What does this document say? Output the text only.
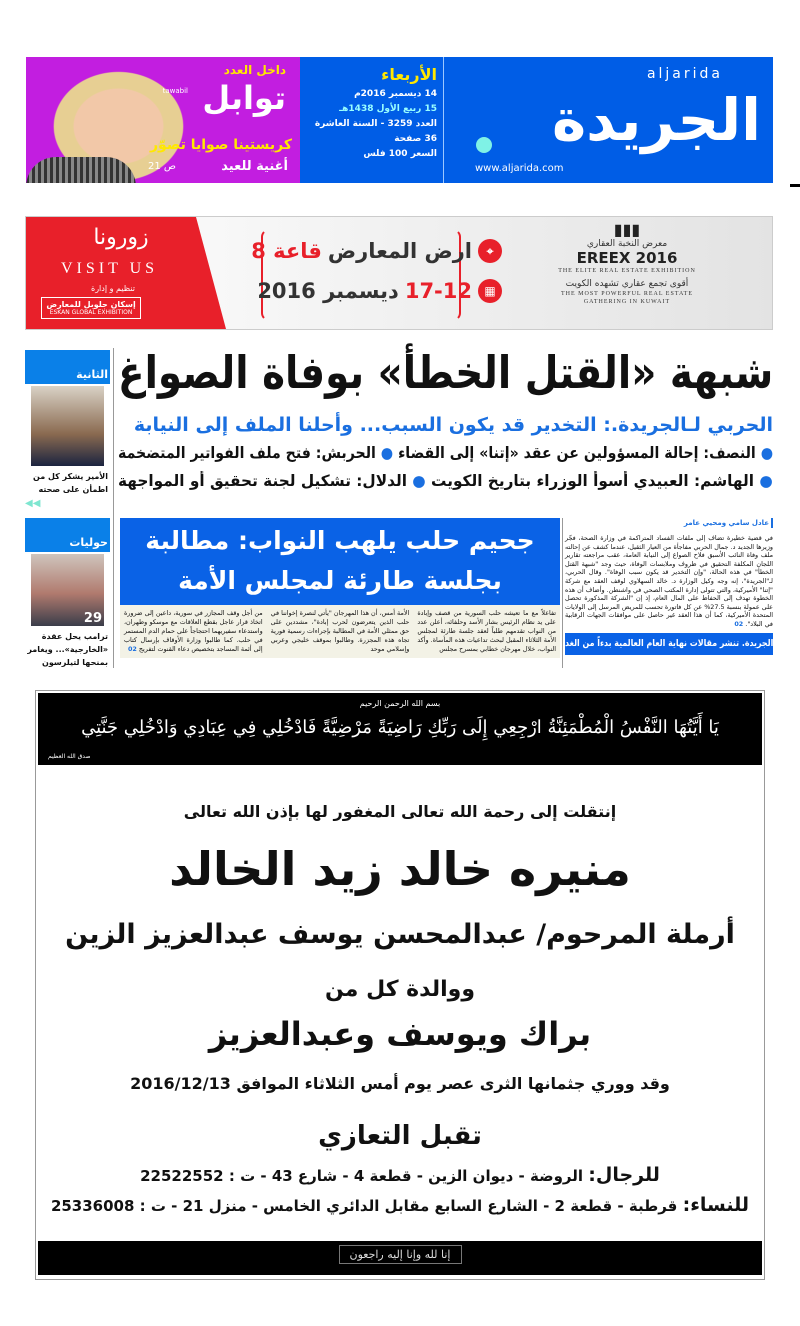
داخل العدد
tawabil توابل
كريستينا صوايا تصوّر
أغنية للعيد
ص 21
الأربعاء
14 ديسمبر 2016م
15 ربيع الأول 1438هـ
العدد 3259 - السنة العاشرة
36 صفحة
السعر 100 فلس
aljarida
الجريدة
www.aljarida.com
زورونا
VISIT US
تنظيم و إدارة
إسكان جلوبل للمعارض
ESKAN GLOBAL EXHIBITION
⌖
ارض المعارض
قاعة 8
▦
17-12
ديسمبر 2016
▮▮▮
معرض النخبة العقاري
EREEX 2016
THE ELITE REAL ESTATE EXHIBITION
أقوى تجمع عقاري تشهده الكويت
THE MOST POWERFUL REAL ESTATE
GATHERING IN KUWAIT
الثانية
الأمير يشكر كل من اطمأن على صحته
◀◀
شبهة «القتل الخطأ» بوفاة الصواغ
الحربي لـالجريدة.: التخدير قد يكون السبب... وأحلنا الملف إلى النيابة
● النصف: إحالة المسؤولين عن عقد «إتنا» إلى القضاء ● الحربش: فتح ملف الفواتير المتضخمة
● الهاشم: العبيدي أسوأ الوزراء بتاريخ الكويت ● الدلال: تشكيل لجنة تحقيق أو المواجهة
حوليات
29
ترامب يحل عقدة «الخارجية»... ويغامر بمنحها لتيلرسون
جحيم حلب يلهب النواب: مطالبة
بجلسة طارئة لمجلس الأمة

تفاعلاً مع ما تعيشه حلب السورية من قصف وإبادة على يد نظام الرئيس بشار الأسد وحلفائه، أعلن عدد من النواب تقدمهم طلباً لعقد جلسة طارئة لمجلس الأمة الثلاثاء المقبل لبحث تداعيات هذه المأساة. وأكد النواب، خلال مهرجان خطابي بمسرح مجلس

الأمة أمس، أن هذا المهرجان "يأتي لنصرة إخواننا في حلب الذين يتعرضون لحرب إبادة"، مشددين على حق ممثلي الأمة في المطالبة بإجراءات رسمية فورية تجاه هذه المجزرة. وطالبوا بموقف خليجي وعربي وإسلامي موحد

من أجل وقف المجازر في سورية، داعين إلى ضرورة اتخاذ قرار عاجل بقطع العلاقات مع موسكو وطهران، واستدعاء سفيريهما احتجاجاً على حمام الدم المستمر في حلب. كما طالبوا وزارة الأوقاف بإرسال كتاب إلى أئمة المساجد بتخصيص دعاء القنوت لتفريج 02

عادل سامي ومحيي عامر

في قضية خطيرة تضاف إلى ملفات الفساد المتراكمة في وزارة الصحة، فجّر وزيرها الجديد د. جمال الحربي مفاجأة من العيار الثقيل، عندما كشف عن إحالته ملف وفاة النائب الأسبق فلاح الصواغ إلى النيابة العامة، عقب مراجعته تقارير اللجان المكلفة التحقيق في ظروف وملابسات الوفاة، حيث وجد "شبهة القتل الخطأ" في هذه الحالة، "وإن التخدير قد يكون سبب الوفاة". وقال الحربي، لـ"الجريدة"، إنه وجه وكيل الوزارة د. خالد السهلاوي لوقف العقد مع شركة "إتنا" الأميركية، والتي تتولى إدارة المكتب الصحي في واشنطن. وأضاف أن هذه الخطوة تهدف إلى الحفاظ على المال العام، إذ إن "الشركة المذكورة تحصل على عمولة بنسبة 27.5% عن كل فاتورة تحسب للمريض المرسل إلى الولايات المتحدة الأميركية، كما أن هذا العقد غير حاصل على موافقات الجهات الرقابية في البلاد". 02

الجريدة. تنشر مقالات نهاية العام العالمية بدءاً من الغد
بسم الله الرحمن الرحيم
يَا أَيَّتُهَا النَّفْسُ الْمُطْمَئِنَّةُ ارْجِعِي إِلَى رَبِّكِ رَاضِيَةً مَرْضِيَّةً فَادْخُلِي فِي عِبَادِي وَادْخُلِي جَنَّتِي
صدق الله العظيم
إنتقلت إلى رحمة الله تعالى المغفور لها بإذن الله تعالى
منيره خالد زيد الخالد
أرملة المرحوم/ عبدالمحسن يوسف عبدالعزيز الزين
ووالدة كل من
براك ويوسف وعبدالعزيز
وقد ووري جثمانها الثرى عصر يوم أمس الثلاثاء الموافق 2016/12/13
تقبل التعازي
للرجال: الروضة - ديوان الزين - قطعة 4 - شارع 43 - ت : 22522552
للنساء: قرطبة - قطعة 2 - الشارع السابع مقابل الدائري الخامس - منزل 21 - ت : 25336008
إنا لله وإنا إليه راجعون
